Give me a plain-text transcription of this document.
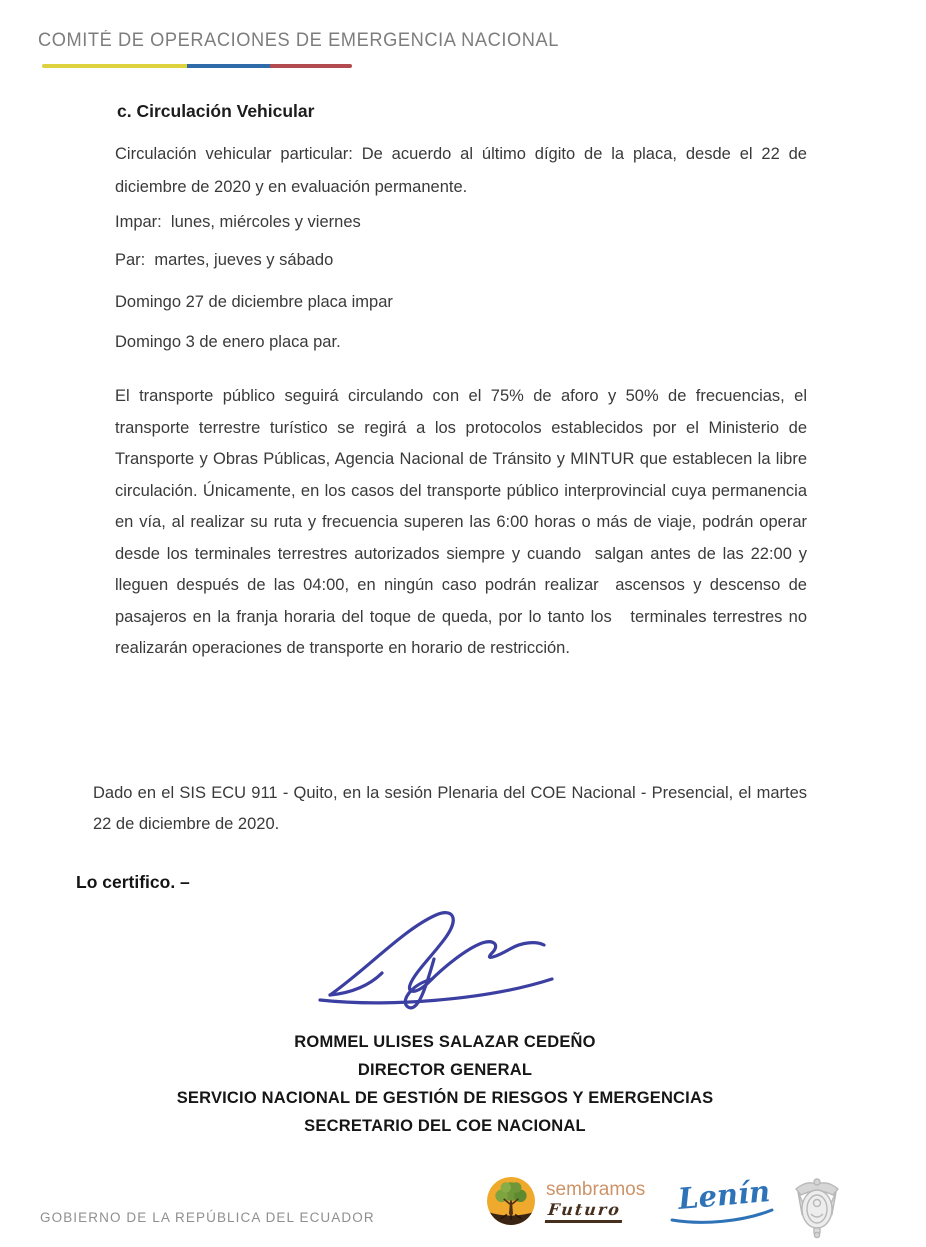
COMITÉ DE OPERACIONES DE EMERGENCIA NACIONAL
c. Circulación Vehicular
Circulación vehicular particular: De acuerdo al último dígito de la placa, desde el 22 de diciembre de 2020 y en evaluación permanente.
Impar:  lunes, miércoles y viernes
Par:  martes, jueves y sábado
Domingo 27 de diciembre placa impar
Domingo 3 de enero placa par.
El transporte público seguirá circulando con el 75% de aforo y 50% de frecuencias, el transporte terrestre turístico se regirá a los protocolos establecidos por el Ministerio de Transporte y Obras Públicas, Agencia Nacional de Tránsito y MINTUR que establecen la libre circulación. Únicamente, en los casos del transporte público interprovincial cuya permanencia en vía, al realizar su ruta y frecuencia superen las 6:00 horas o más de viaje, podrán operar desde los terminales terrestres autorizados siempre y cuando  salgan antes de las 22:00 y lleguen después de las 04:00, en ningún caso podrán realizar  ascensos y descenso de pasajeros en la franja horaria del toque de queda, por lo tanto los   terminales terrestres no realizarán operaciones de transporte en horario de restricción.
Dado en el SIS ECU 911 - Quito, en la sesión Plenaria del COE Nacional - Presencial, el martes 22 de diciembre de 2020.
Lo certifico. –
ROMMEL ULISES SALAZAR CEDEÑO
DIRECTOR GENERAL
SERVICIO NACIONAL DE GESTIÓN DE RIESGOS Y EMERGENCIAS
SECRETARIO DEL COE NACIONAL
GOBIERNO DE LA REPÚBLICA DEL ECUADOR
sembramos
Futuro	Lenín
